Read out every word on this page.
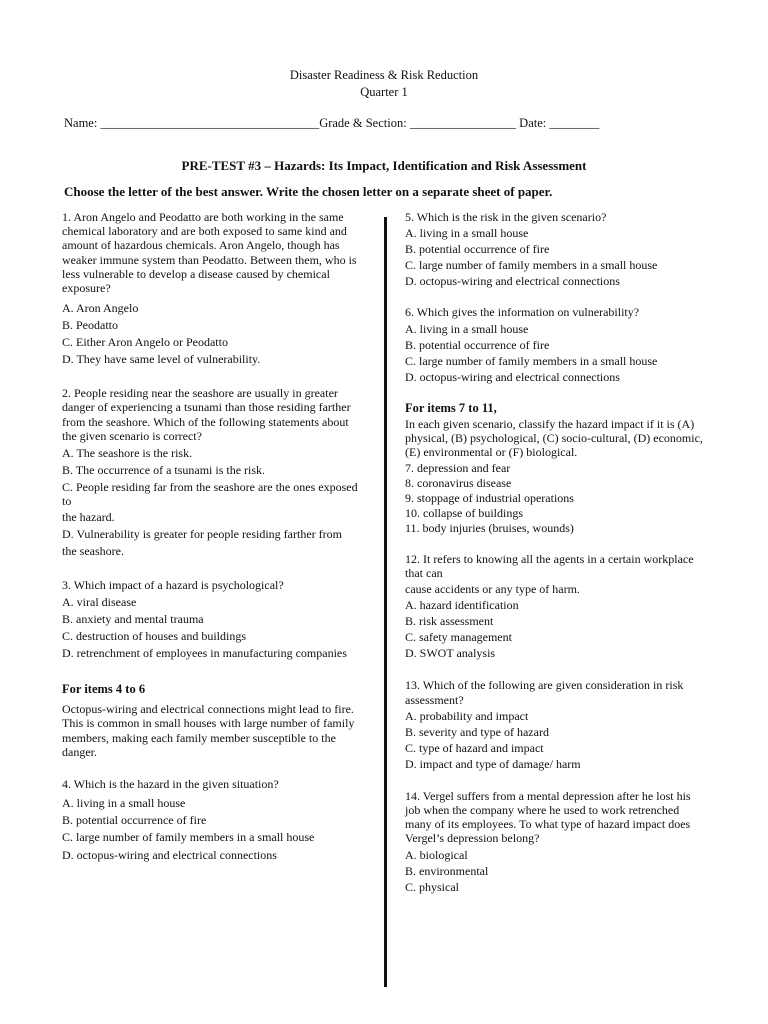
Disaster Readiness & Risk Reduction
Quarter 1
Name: ___________________________________Grade & Section: _________________ Date: ________
PRE-TEST #3 – Hazards: Its Impact, Identification and Risk Assessment
Choose the letter of the best answer. Write the chosen letter on a separate sheet of paper.
1. Aron Angelo and Peodatto are both working in the same chemical laboratory and are both exposed to same kind and amount of hazardous chemicals. Aron Angelo, though has weaker immune system than Peodatto. Between them, who is less vulnerable to develop a disease caused by chemical exposure?
A. Aron Angelo
B. Peodatto
C. Either Aron Angelo or Peodatto
D. They have same level of vulnerability.
2. People residing near the seashore are usually in greater danger of experiencing a tsunami than those residing farther from the seashore. Which of the following statements about the given scenario is correct?
A. The seashore is the risk.
B. The occurrence of a tsunami is the risk.
C. People residing far from the seashore are the ones exposed to
the hazard.
D. Vulnerability is greater for people residing farther from
the seashore.
3. Which impact of a hazard is psychological?
A. viral disease
B. anxiety and mental trauma
C. destruction of houses and buildings
D. retrenchment of employees in manufacturing companies
For items 4 to 6
Octopus-wiring and electrical connections might lead to fire. This is common in small houses with large number of family members, making each family member susceptible to the danger.
4. Which is the hazard in the given situation?
A. living in a small house
B. potential occurrence of fire
C. large number of family members in a small house
D. octopus-wiring and electrical connections
5. Which is the risk in the given scenario?
A. living in a small house
B. potential occurrence of fire
C. large number of family members in a small house
D. octopus-wiring and electrical connections
6. Which gives the information on vulnerability?
A. living in a small house
B. potential occurrence of fire
C. large number of family members in a small house
D. octopus-wiring and electrical connections
For items 7 to 11,
In each given scenario, classify the hazard impact if it is (A) physical, (B) psychological, (C) socio-cultural, (D) economic, (E) environmental or (F) biological.
7. depression and fear
8. coronavirus disease
9. stoppage of industrial operations
10. collapse of buildings
11. body injuries (bruises, wounds)
12. It refers to knowing all the agents in a certain workplace that can
cause accidents or any type of harm.
A. hazard identification
B. risk assessment
C. safety management
D. SWOT analysis
13. Which of the following are given consideration in risk assessment?
A. probability and impact
B. severity and type of hazard
C. type of hazard and impact
D. impact and type of damage/ harm
14. Vergel suffers from a mental depression after he lost his job when the company where he used to work retrenched many of its employees. To what type of hazard impact does Vergel’s depression belong?
A. biological
B. environmental
C. physical
